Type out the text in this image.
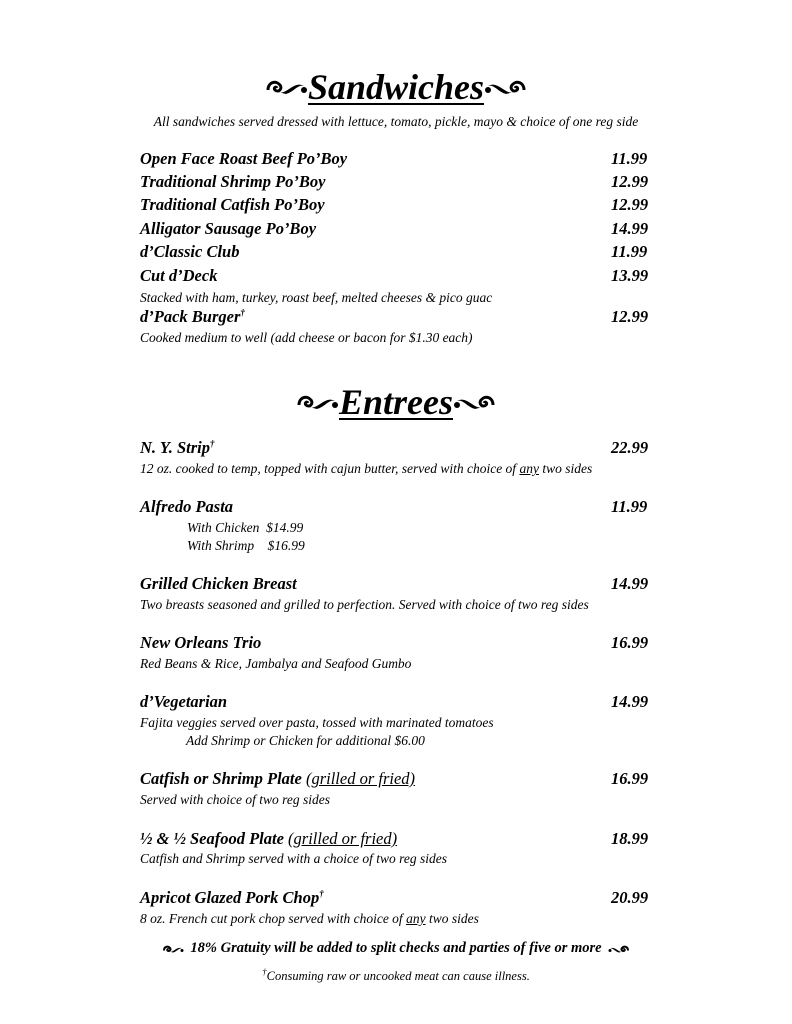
Sandwiches
All sandwiches served dressed with lettuce, tomato, pickle, mayo & choice of one reg side
Open Face Roast Beef Po’Boy	11.99
Traditional Shrimp Po’Boy	12.99
Traditional Catfish Po’Boy	12.99
Alligator Sausage Po’Boy	14.99
d’Classic Club	11.99
Cut d’Deck	13.99
Stacked with ham, turkey, roast beef, melted cheeses & pico guac
d’Pack Burger†	12.99
Cooked medium to well (add cheese or bacon for $1.30 each)
Entrees
N. Y. Strip†	22.99
12 oz. cooked to temp, topped with cajun butter, served with choice of any two sides
Alfredo Pasta	11.99
With Chicken  $14.99
With Shrimp    $16.99
Grilled Chicken Breast	14.99
Two breasts seasoned and grilled to perfection. Served with choice of two reg sides
New Orleans Trio	16.99
Red Beans & Rice, Jambalya and Seafood Gumbo
d’Vegetarian	14.99
Fajita veggies served over pasta, tossed with marinated tomatoes
Add Shrimp or Chicken for additional $6.00
Catfish or Shrimp Plate (grilled or fried)	16.99
Served with choice of two reg sides
½ & ½ Seafood Plate (grilled or fried)	18.99
Catfish and Shrimp served with a choice of two reg sides
Apricot Glazed Pork Chop†	20.99
8 oz. French cut pork chop served with choice of any two sides
18% Gratuity will be added to split checks and parties of five or more
†Consuming raw or uncooked meat can cause illness.
